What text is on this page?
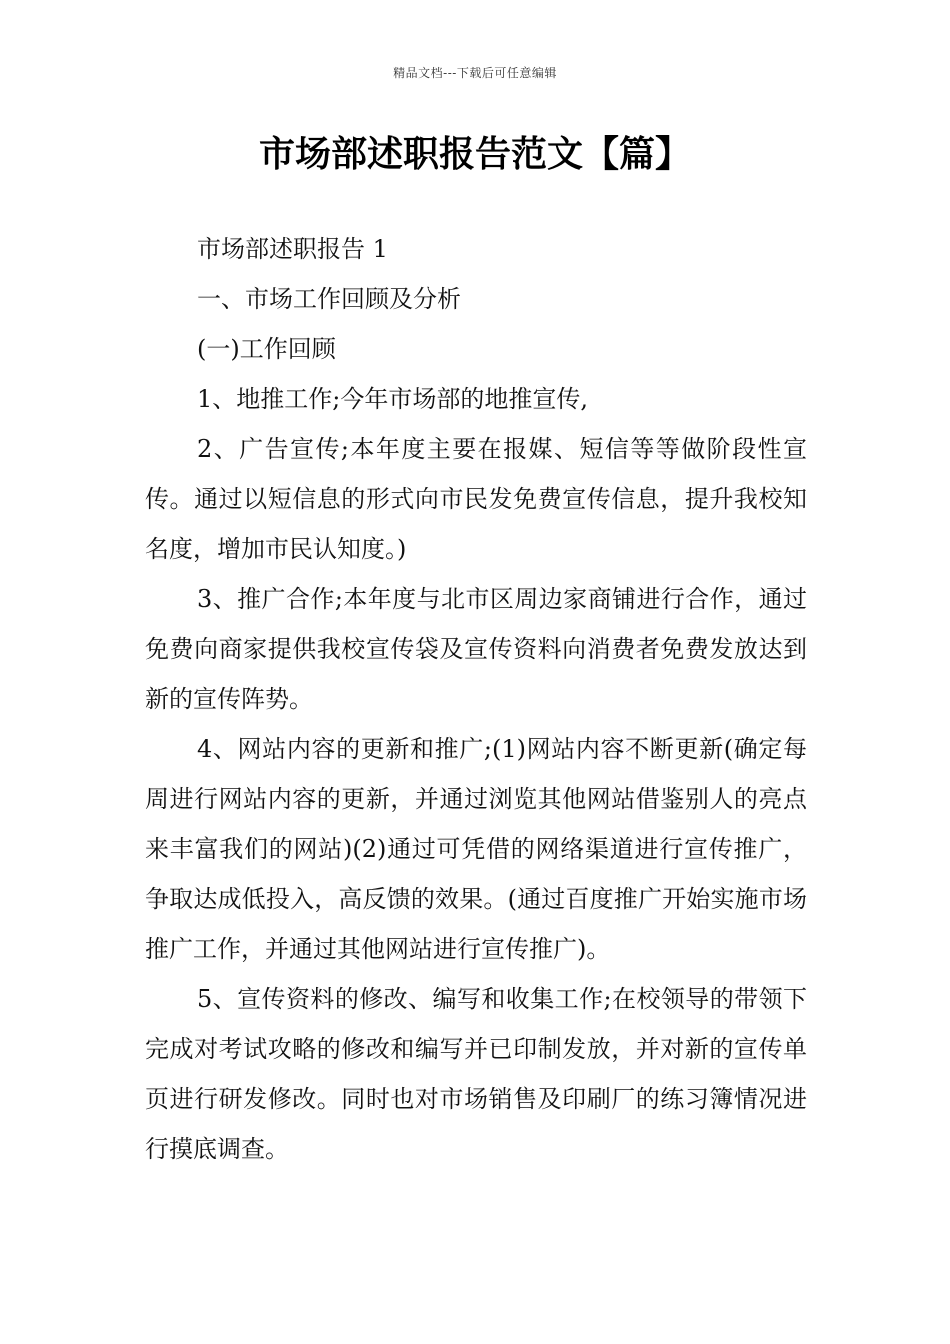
精品文档---下载后可任意编辑
市场部述职报告范文【篇】

市场部述职报告 1

一、市场工作回顾及分析

(一)工作回顾

1、地推工作;今年市场部的地推宣传,

2、广告宣传;本年度主要在报媒、短信等等做阶段性宣传。通过以短信息的形式向市民发免费宣传信息，提升我校知名度，增加市民认知度。)

3、推广合作;本年度与北市区周边家商铺进行合作，通过免费向商家提供我校宣传袋及宣传资料向消费者免费发放达到新的宣传阵势。

4、网站内容的更新和推广;(1)网站内容不断更新(确定每周进行网站内容的更新，并通过浏览其他网站借鉴别人的亮点来丰富我们的网站)(2)通过可凭借的网络渠道进行宣传推广，争取达成低投入，高反馈的效果。(通过百度推广开始实施市场推广工作，并通过其他网站进行宣传推广)。

5、宣传资料的修改、编写和收集工作;在校领导的带领下完成对考试攻略的修改和编写并已印制发放，并对新的宣传单页进行研发修改。同时也对市场销售及印刷厂的练习簿情况进行摸底调查。
